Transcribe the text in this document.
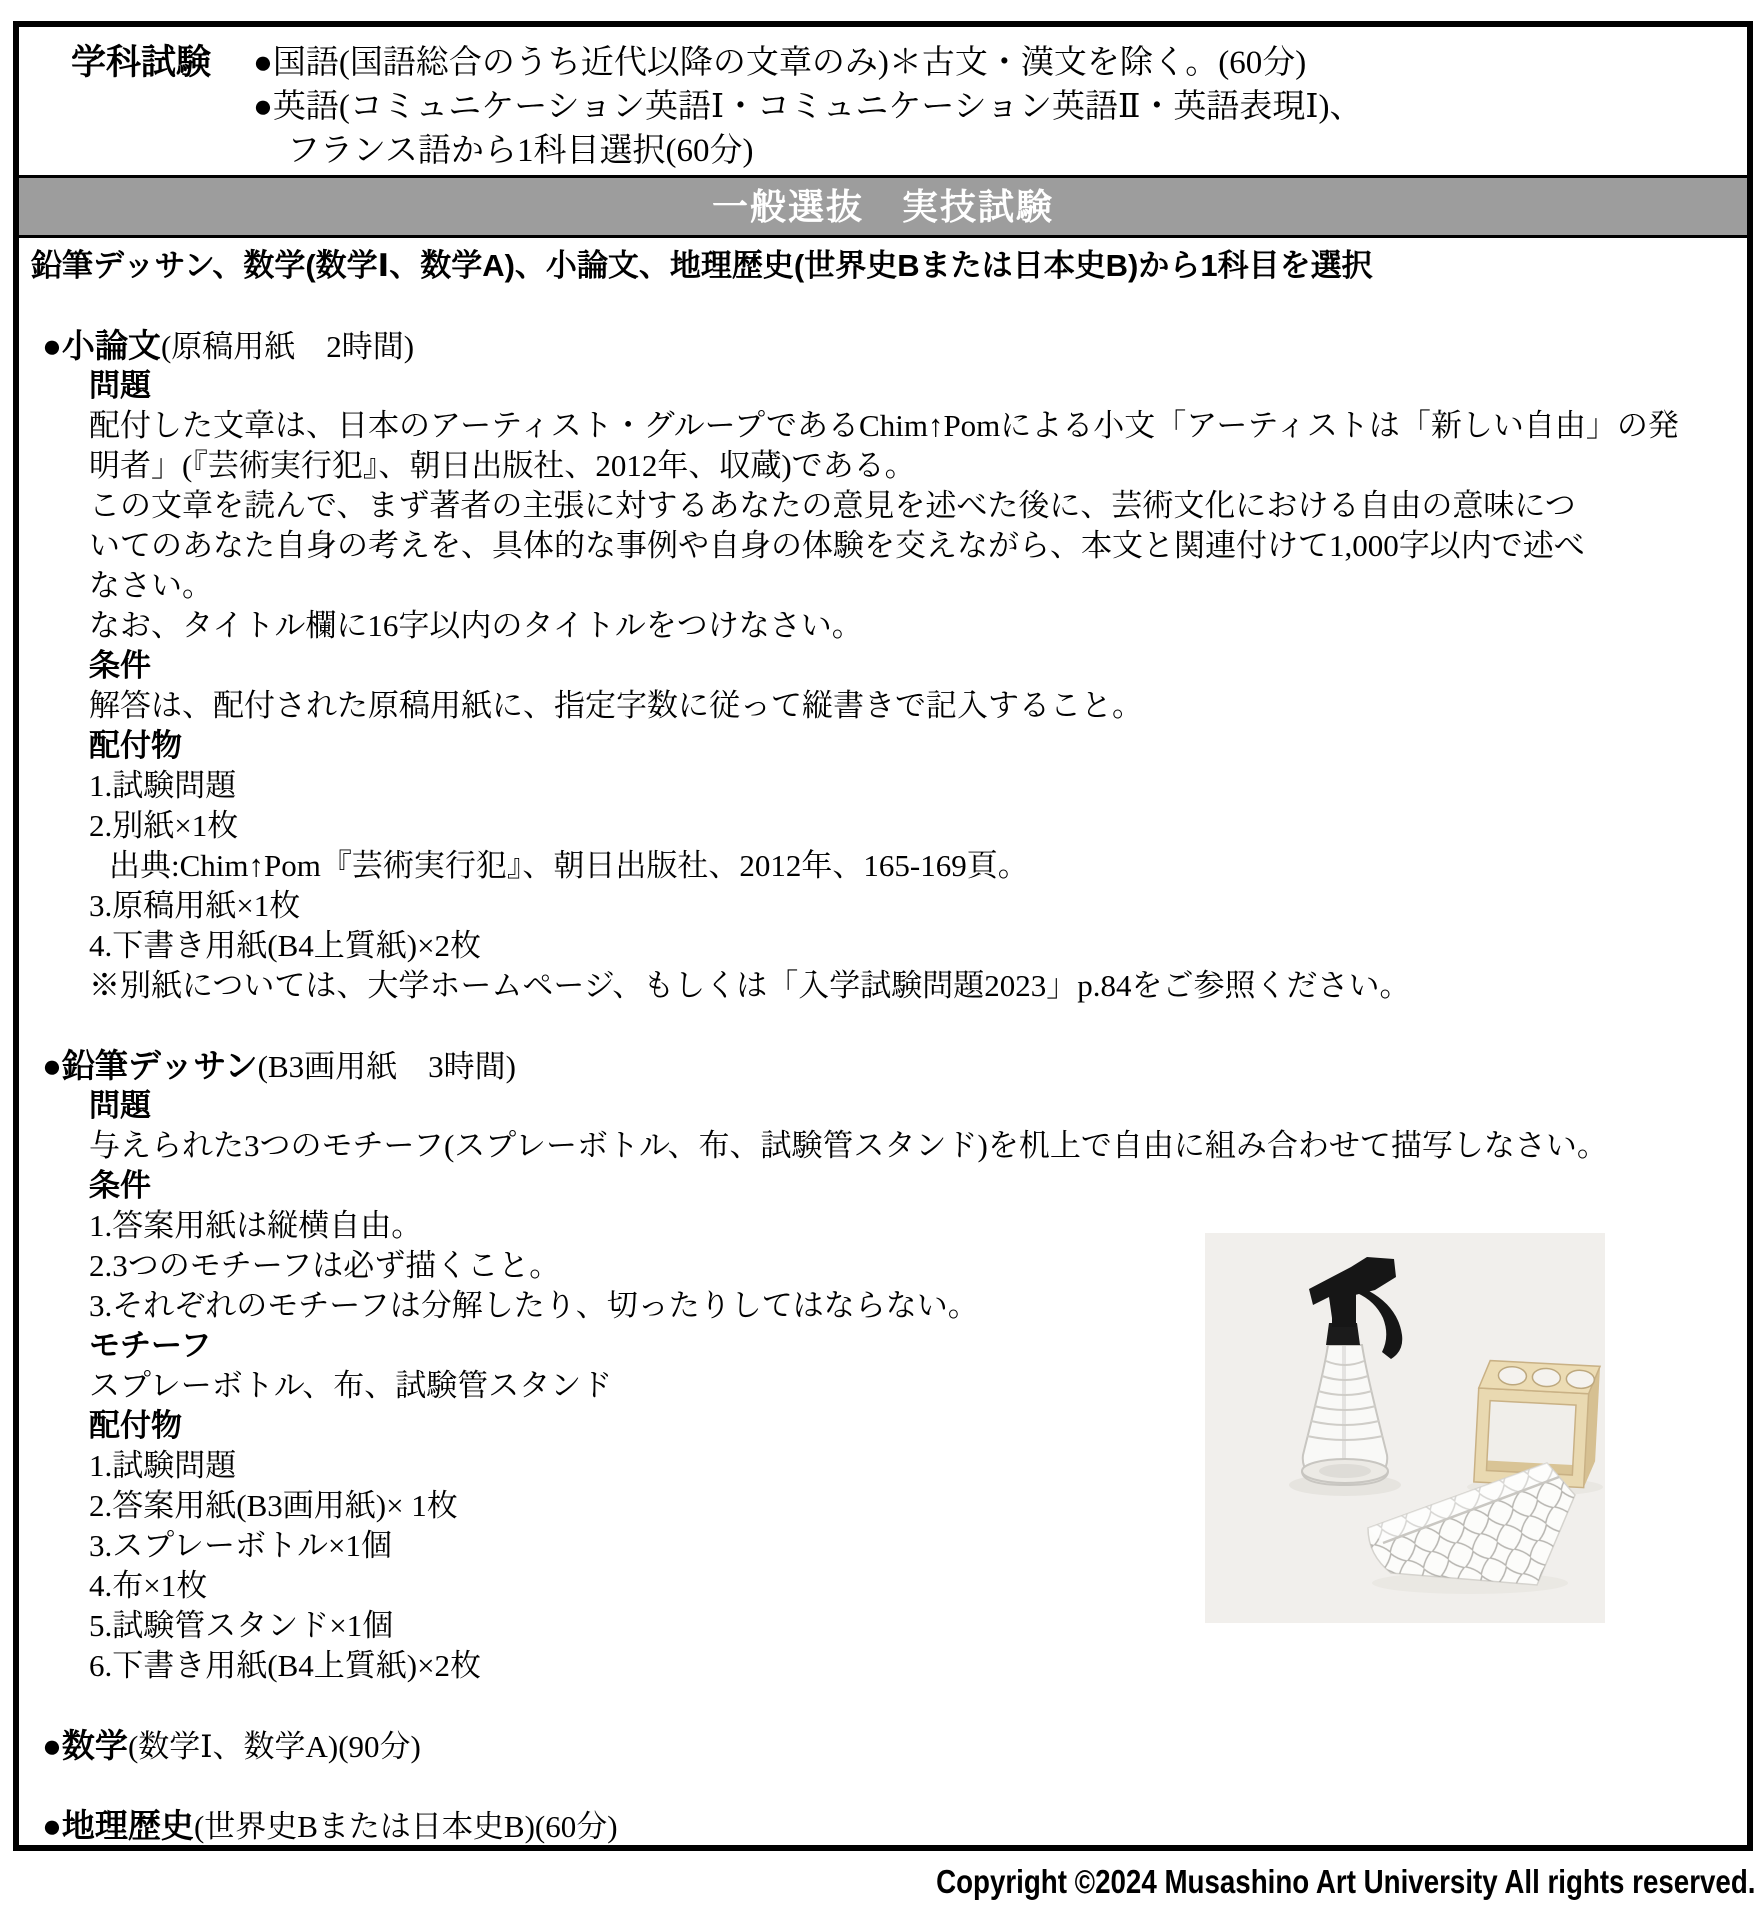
学科試験	●国語(国語総合のうち近代以降の文章のみ)＊古文・漢文を除く。(60分)
●英語(コミュニケーション英語Ⅰ・コミュニケーション英語Ⅱ・英語表現Ⅰ)、
フランス語から1科目選択(60分)
一般選抜　実技試験
鉛筆デッサン、数学(数学Ⅰ、数学A)、小論文、地理歴史(世界史Bまたは日本史B)から1科目を選択
●小論文(原稿用紙　2時間)
問題
配付した文章は、日本のアーティスト・グループであるChim↑Pomによる小文「アーティストは「新しい自由」の発
明者」(『芸術実行犯』、朝日出版社、2012年、収蔵)である。
この文章を読んで、まず著者の主張に対するあなたの意見を述べた後に、芸術文化における自由の意味につ
いてのあなた自身の考えを、具体的な事例や自身の体験を交えながら、本文と関連付けて1,000字以内で述べ
なさい。
なお、タイトル欄に16字以内のタイトルをつけなさい。
条件
解答は、配付された原稿用紙に、指定字数に従って縦書きで記入すること。
配付物
1.試験問題
2.別紙×1枚
出典:Chim↑Pom『芸術実行犯』、朝日出版社、2012年、165-169頁。
3.原稿用紙×1枚
4.下書き用紙(B4上質紙)×2枚
※別紙については、大学ホームページ、もしくは「入学試験問題2023」p.84をご参照ください。
●鉛筆デッサン(B3画用紙　3時間)
問題
与えられた3つのモチーフ(スプレーボトル、布、試験管スタンド)を机上で自由に組み合わせて描写しなさい。
条件
1.答案用紙は縦横自由。
2.3つのモチーフは必ず描くこと。
3.それぞれのモチーフは分解したり、切ったりしてはならない。
モチーフ
スプレーボトル、布、試験管スタンド
配付物
1.試験問題
2.答案用紙(B3画用紙)× 1枚
3.スプレーボトル×1個
4.布×1枚
5.試験管スタンド×1個
6.下書き用紙(B4上質紙)×2枚
●数学(数学Ⅰ、数学A)(90分)
●地理歴史(世界史Bまたは日本史B)(60分)
Copyright ©2024 Musashino Art University All rights reserved.
